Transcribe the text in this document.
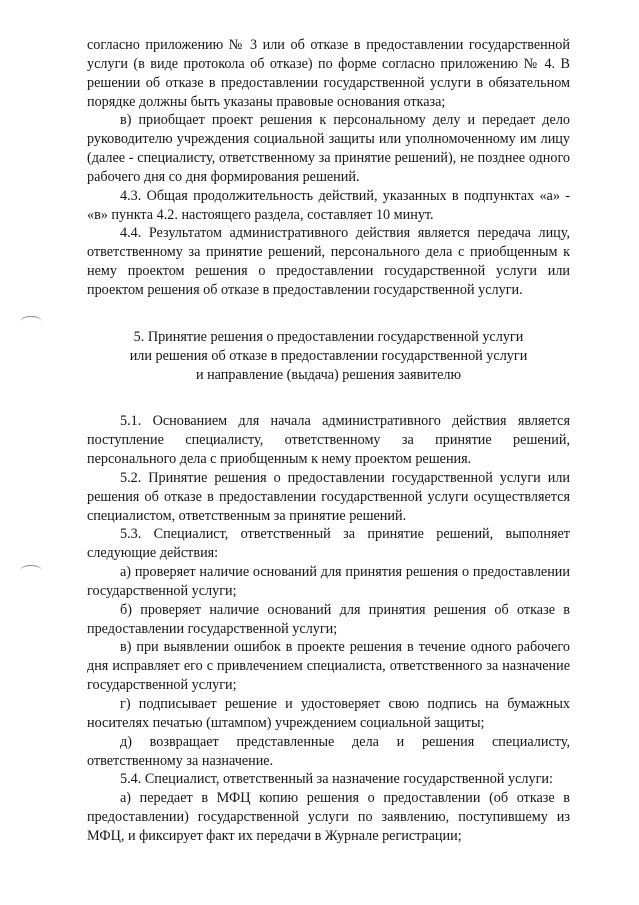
согласно приложению № 3 или об отказе в предоставлении государственной услуги (в виде протокола об отказе) по форме согласно приложению № 4. В решении об отказе в предоставлении государственной услуги в обязательном порядке должны быть указаны правовые основания отказа;

в) приобщает проект решения к персональному делу и передает дело руководителю учреждения социальной защиты или уполномоченному им лицу (далее - специалисту, ответственному за принятие решений), не позднее одного рабочего дня со дня формирования решений.

4.3. Общая продолжительность действий, указанных в подпунктах «а» - «в» пункта 4.2. настоящего раздела, составляет 10 минут.

4.4. Результатом административного действия является передача лицу, ответственному за принятие решений, персонального дела с приобщенным к нему проектом решения о предоставлении государственной услуги или проектом решения об отказе в предоставлении государственной услуги.

5. Принятие решения о предоставлении государственной услуги

или решения об отказе в предоставлении государственной услуги

и направление (выдача) решения заявителю

5.1. Основанием для начала административного действия является поступление специалисту, ответственному за принятие решений, персонального дела с приобщенным к нему проектом решения.

5.2. Принятие решения о предоставлении государственной услуги или решения об отказе в предоставлении государственной услуги осуществляется специалистом, ответственным за принятие решений.

5.3. Специалист, ответственный за принятие решений, выполняет следующие действия:

а) проверяет наличие оснований для принятия решения о предоставлении государственной услуги;

б) проверяет наличие оснований для принятия решения об отказе в предоставлении государственной услуги;

в) при выявлении ошибок в проекте решения в течение одного рабочего дня исправляет его с привлечением специалиста, ответственного за назначение государственной услуги;

г) подписывает решение и удостоверяет свою подпись на бумажных носителях печатью (штампом) учреждением социальной защиты;

д) возвращает представленные дела и решения специалисту, ответственному за назначение.

5.4. Специалист, ответственный за назначение государственной услуги:

а) передает в МФЦ копию решения о предоставлении (об отказе в предоставлении) государственной услуги по заявлению, поступившему из МФЦ, и фиксирует факт их передачи в Журнале регистрации;
